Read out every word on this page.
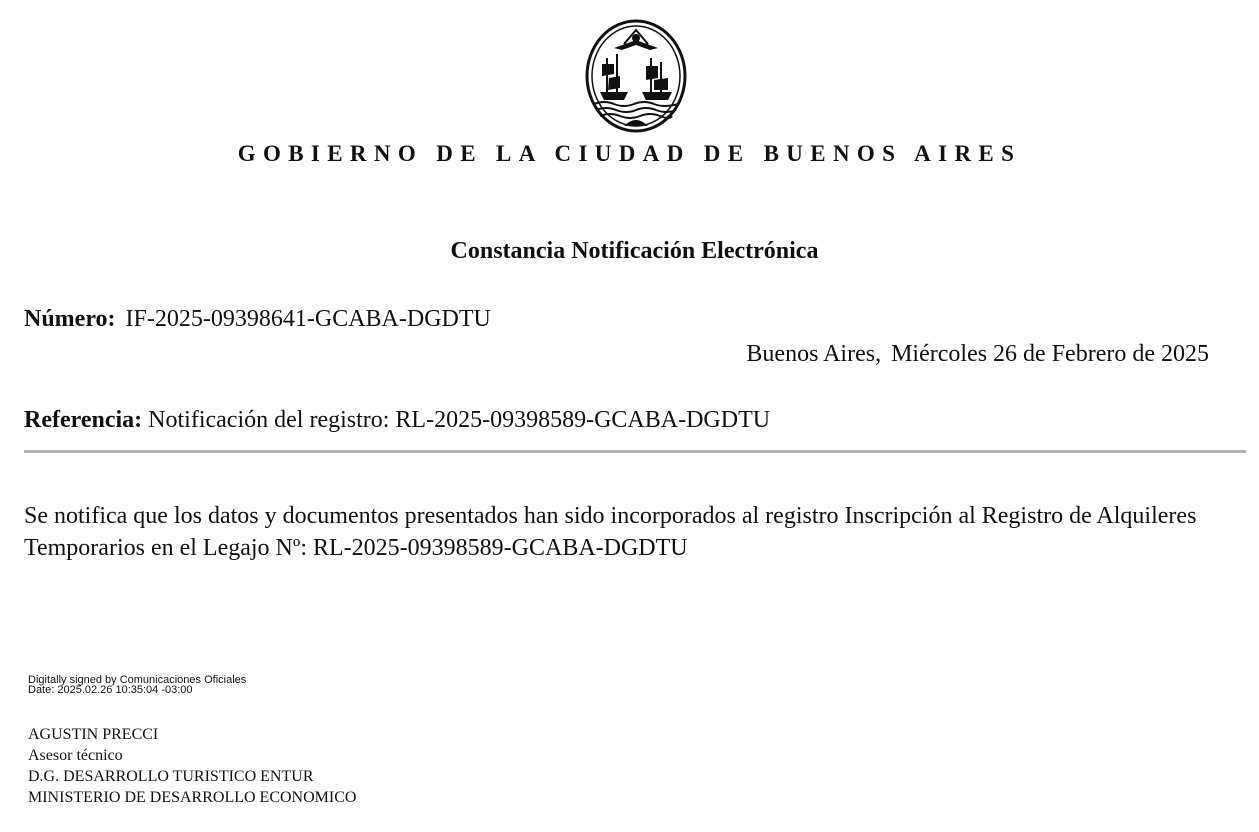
GOBIERNO DE LA CIUDAD DE BUENOS AIRES
Constancia Notificación Electrónica
Número: IF-2025-09398641-GCABA-DGDTU
Buenos Aires, Miércoles 26 de Febrero de 2025
Referencia: Notificación del registro: RL-2025-09398589-GCABA-DGDTU
Se notifica que los datos y documentos presentados han sido incorporados al registro Inscripción al Registro de Alquileres Temporarios en el Legajo Nº: RL-2025-09398589-GCABA-DGDTU
Digitally signed by Comunicaciones Oficiales
Date: 2025.02.26 10:35:04 -03:00
AGUSTIN PRECCI
Asesor técnico
D.G. DESARROLLO TURISTICO ENTUR
MINISTERIO DE DESARROLLO ECONOMICO
